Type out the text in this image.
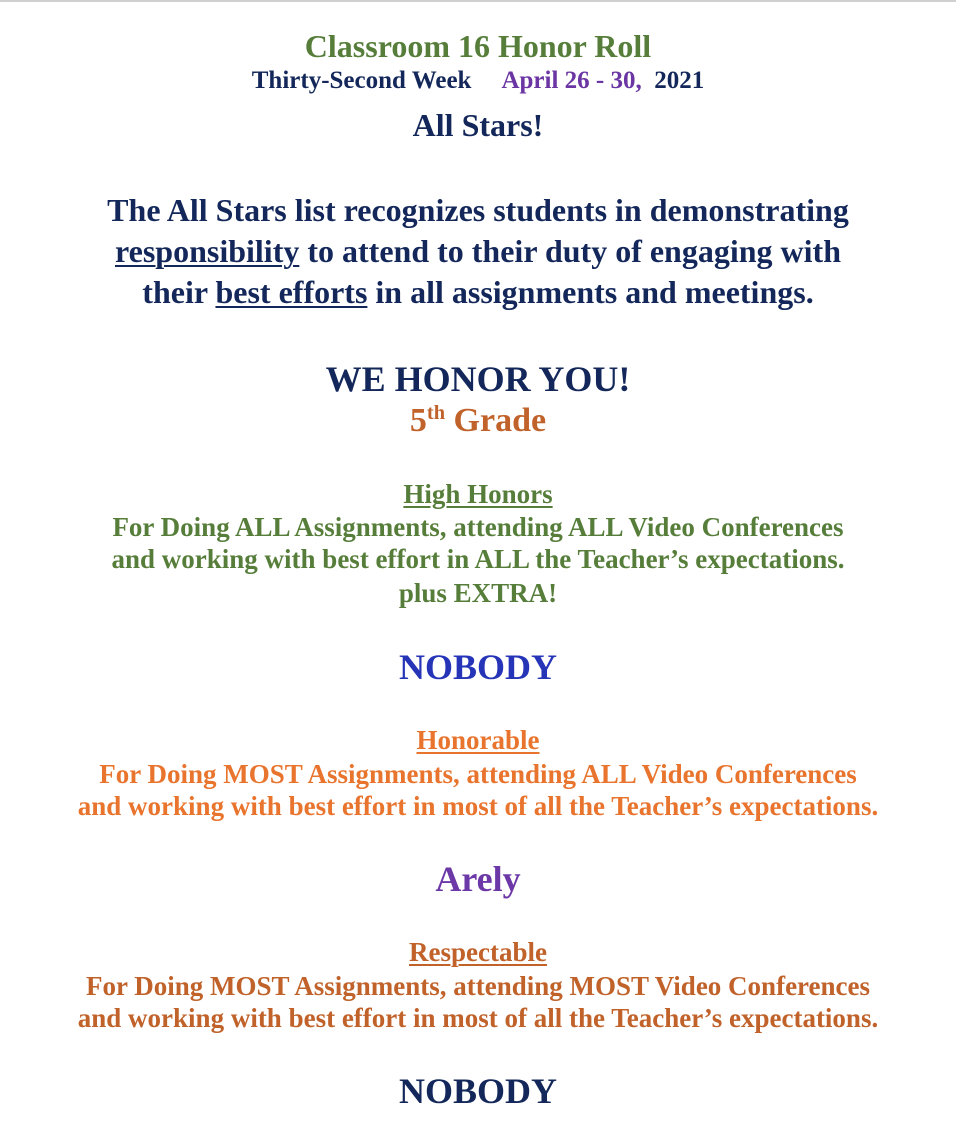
Classroom 16 Honor Roll
Thirty-Second Week April 26 - 30, 2021
All Stars!
The All Stars list recognizes students in demonstrating
responsibility to attend to their duty of engaging with
their best efforts in all assignments and meetings.
WE HONOR YOU!
5th Grade
High Honors
For Doing ALL Assignments, attending ALL Video Conferences
and working with best effort in ALL the Teacher’s expectations.
plus EXTRA!
NOBODY
Honorable
For Doing MOST Assignments, attending ALL Video Conferences
and working with best effort in most of all the Teacher’s expectations.
Arely
Respectable
For Doing MOST Assignments, attending MOST Video Conferences
and working with best effort in most of all the Teacher’s expectations.
NOBODY
